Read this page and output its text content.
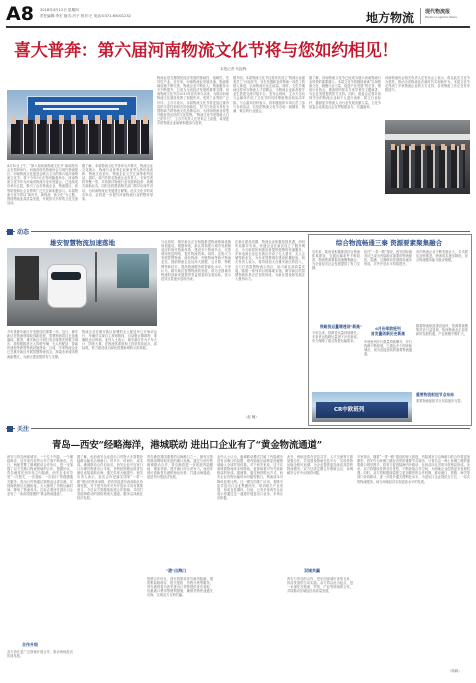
A8 2018年4月12日 星期四
责任编辑:李宏 版式:冯子 校对:王 电话:0371-65001232	地方物流 现代物流报
Modern Logistics News
喜大普奔：第六届河南物流文化节将与您如约相见！
本报记者 代振锋
4月10日上午，“第六届河南物流文化节”新闻发布会在郑州举行。河南省现代物流协会与现代物流报社、河南物流文化促进会联合主办的第六届河南物流文化节，将于今年5月在郑州隆重举办。河南物流文化节作为河南省物流行业年度盛会，已连续成功举办五届，吸引了众多物流企业、物流园区、高等院校和社会各界的广泛关注和积极参与。本届物流文化节将以“新时代、新物流、新文化”为主题，围绕物流业高质量发展，开展形式多样的文化交流活动。
据了解，本届物流文化节将举办开幕式、物流企业文化展示、物流行业优秀企业和优秀人物评选表彰、物流文化论坛、物流企业文艺汇演等系列活动。届时，省内外知名物流企业负责人、专家学者将齐聚一堂，共同探讨物流行业发展新趋势、新模式和新业态。同时还将邀请相关部门领导出席并讲话，为河南物流业发展建言献策。此次文化节的成功举办，必将进一步提升河南物流行业的整体形象。
物流业是支撑国民经济发展的基础性、战略性、先导性产业。近年来，河南物流业发展迅速，物流基础设施不断完善，物流企业不断壮大，物流服务水平不断提升，已成为全省经济发展的重要支撑。河南物流文化节自2013年首次举办以来，为推动河南物流文化建设发挥了积极作用，受到了业界的广泛好评。主办方表示，本届物流文化节将更加注重内容的丰富性和形式的创新性，努力打造成为具有全国影响力的物流文化品牌活动，为河南物流业转型升级营造良好的文化氛围。“物流文化节是物流人自己的节日”，主办方负责人在发布会上说道，希望更多的物流企业能够积极参与进来。
据介绍，本届物流文化节还将首次设立“物流行业最美员工”评选环节，旨在发掘和宣传物流一线员工的感人事迹，弘扬物流行业正能量。同时，文化节期间还将举办物流人才招聘会，为物流企业和高校毕业生搭建交流对接平台。发布会现场，主办方还向与会媒体介绍了文化节的具体筹备情况和活动安排。与会嘉宾纷纷表示，将积极组织本单位员工参与各项活动，共同把物流文化节办成一届精彩、圆满、难忘的行业盛会。
据了解，河南物流文化节已经成为展示河南物流行业风采的重要窗口。本届文化节将继续秉承“弘扬物流文化、凝聚行业力量、促进产业发展”的宗旨，围绕行业热点，邀请国内知名专家学者作主题演讲，为企业发展提供智力支持。同时，组委会还将对表现突出的物流企业和个人进行表彰，树立行业标杆，激励更多物流人为行业发展贡献力量。文化节组委会也欢迎社会各界积极参与，共襄盛举。
河南物流协会相关负责人在发布会上表示，将以此次文化节为契机，推动全省物流业在新时代实现新作为。本届文化节还得到了多家物流企业的大力支持，各项筹备工作正在有序推进中。
动态
雄安智慧物流加速落地
今年是雄安新区开发建设的重要一年。近日，雄安新区在物流领域取得新进展，智慧物流项目正加速落地。据悉，雄安新区计划打造全球领先的数字城市，将积极推进无人驾驶车辆、无人机配送、智能快递柜等新型物流设施建设。目前，多家物流企业已在雄安新区开展智慧物流试点，探索未来城市物流新模式，为新区建设提供有力支撑。
物流企业在雄安新区部署的无人配送车已开始试运行，车辆可实现自主规划路线、自动避让障碍物、准确抵达目的地。业内人士表示，雄安新区作为千年大计、国家大事，在物流体系规划上将坚持高起点、高标准，努力建设成为绿色智慧新城的示范样板。
与此同时，雄安新区正在积极推进物流基础设施规划建设。根据规划，新区将构建与城市发展相适应的现代物流体系，建设多个物流节点，完善城市配送网络，提升物流效率。同时，还将大力发展智慧物流、绿色物流、冷链物流等新兴物流业态，鼓励物流企业运用大数据、云计算、物联网等新技术，提高物流服务的智能化水平。专家认为，雄安新区智慧物流的发展，将为全国城市物流的创新发展提供有益借鉴和宝贵经验，其示范效应将逐步显现出来。
在新区建设初期，物流企业积极抢抓机遇，纷纷布局雄安市场。快递企业在新区设立了服务网点，为当地居民和建设者提供便捷的快递服务。多家电商企业也在新区开设了无人超市、无人仓储等新业态，为未来智慧城市建设积累经验。相关负责人表示，将持续加大在雄安新区的投入，全力打造智慧物流示范区，助力新区高质量发展。随着一系列项目的落地实施，雄安新区的智慧物流体系正在加快形成，为新区建设和发展注入强劲动力。
综合物流畅通三秦 资源要素聚集融合
近年来，陕西省积极推进综合物流体系建设，交通运输条件不断改善，物流资源要素加速聚集融合，为全省经济社会发展提供了有力支撑。
依托“一带一路”建设，西安国际港务区已成为内陆地区重要的物流枢纽，陆港、空港联动发展格局逐步形成，对外开放水平持续提升。
省内物流企业不断发展壮大，多式联运加快推进，物流成本逐步降低，综合物流服务能力稳步增强。
铁路货运量增速创"新高"
今年以来，铁路货运量持续增长，多条货运线路运量创下历史新高，有力保障了重点物资运输需求。
6月份郑欧班列
首发量创新历史新高
中欧班列开行数量持续攀升，开行线路不断拓展，已通达多个国家和城市，成为连接亚欧的重要物流通道。
随着物流枢纽建设加快，资源要素聚集效应日益显现，陕西物流业正迎来新的发展机遇，产业规模不断扩大。
CR中欧班列
重要物流枢纽节点布局
重要物流枢纽节点布局逐步完善。
（赵 楠）
关注
青岛—西安“经略海洋，港城联动 进出口企业有了“黄金物流通道”
西安与青岛两座城市，一个位于内陆、一个濒临海洋，近年来在经贸合作方面不断深化。近日，两地签署了港城联动合作协议，进一步加强了双方在港口物流领域的合作。根据协议，青岛港将在西安设立内陆港，西安企业可享受“一次报关、一次查验、一次放行”的便捷通关服务，进出口货物通过铁路直达青岛港，实现海铁联运无缝衔接，大大缩短了货物运输时间，降低了物流成本。这标志着西安进出口企业有了一条高效便捷的“黄金物流通道”。
合作升级
双方将在更广泛领域开展合作，推动两地经济协同发展。
据了解，此前西安企业进出口货物大多需要经陆路运输至沿海港口，环节多、时间长、成本高。港城联动合作启动后，西安企业可在家门口办理货物进出口手续，货物经铁路运抵青岛港后直接装船出海，通关效率大幅提升。相关负责人表示，此次合作是落实国家“一带一路”倡议的具体举措，将有效促进东西部地区协调发展，对于提升西安对外开放水平具有重要意义。今后双方将继续拓展合作领域，共同打造陆海联动的国际物流大通道，服务沿线地区经济发展。
青岛港是我国重要的沿海港口之一，拥有完善的航线网络和先进的港口设施。通过与西安的港城联动合作，青岛港将进一步拓展内陆腹地，增加货源，提升港口综合竞争力。而西安则可借助青岛港的海运优势，打通出海通道，促进外向型经济发展。
"港"出海口
按照合作协议，西安将建设青岛港内陆港，提供集装箱堆存、报关报检、货物分拨等服务。青岛港则将为西安进出口货物提供优先装船、优惠港口费用等便利措施，确保货物快速通关出海，实现双方互利共赢。
业内人士认为，港城联动模式打破了内陆城市没有出海口的局限，使内陆地区能够更加便捷地融入全球贸易体系。对于西安来说，这不仅意味着物流成本的降低，更意味着对外开放新格局的形成。据测算，通过海铁联运方式，西安企业货物运输时间可缩短数日，物流成本可降低显著比例。这一模式的推广应用，将吸引更多进出口企业集聚西安，带动相关产业发展，形成良性循环。目前，已有多家西安企业表示将通过这一通道开展进出口业务，市场反应积极。
此外，两地还将在信息共享、人才交流等方面加强合作，共同建设物流信息平台，实现货物运输全程可追溯，为企业提供更加优质高效的物流服务。双方还将定期召开联席会议，协调解决合作中出现的问题。
双城共赢
西安与青岛的合作，是东西部城市优势互补、协同发展的生动实践。双方将以此为起点，进一步深化在物流、贸易、产业等领域的合作，共同推动区域经济高质量发展。
专家指出，随着“一带一路”建设的深入推进，内陆城市与沿海港口的合作将更加紧密。西安作为丝绸之路经济带的重要节点城市，与青岛这一海上丝绸之路的重要港口城市携手，将有力促进陆海内外联动、东西双向互济的开放格局形成。未来，双方将继续发挥各自优势，不断拓展合作空间，为两地企业创造更多发展机遇。同时，双方将积极探索建立更加紧密的合作机制，推动港口、铁路、海关等部门协同联动，进一步提升通关便利化水平，为进出口企业提供全方位、一站式的物流服务，助力两地经济实现更高水平的发展。
（转载）
